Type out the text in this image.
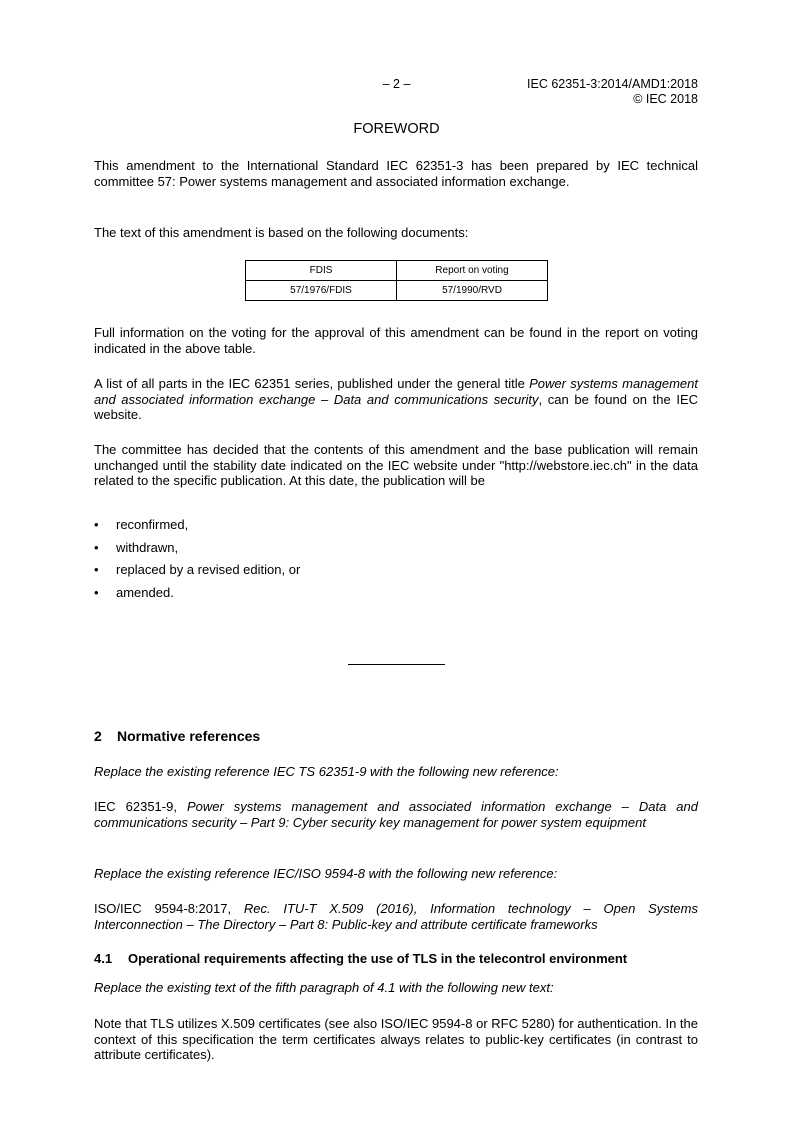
– 2 –	IEC 62351-3:2014/AMD1:2018
© IEC 2018
FOREWORD
This amendment to the International Standard IEC 62351-3 has been prepared by IEC technical committee 57: Power systems management and associated information exchange.
The text of this amendment is based on the following documents:
FDIS	Report on voting
57/1976/FDIS	57/1990/RVD
Full information on the voting for the approval of this amendment can be found in the report on voting indicated in the above table.
A list of all parts in the IEC 62351 series, published under the general title Power systems management and associated information exchange – Data and communications security, can be found on the IEC website.
The committee has decided that the contents of this amendment and the base publication will remain unchanged until the stability date indicated on the IEC website under "http://webstore.iec.ch" in the data related to the specific publication. At this date, the publication will be
• reconfirmed,
• withdrawn,
• replaced by a revised edition, or
• amended.
2 Normative references
Replace the existing reference IEC TS 62351-9 with the following new reference:
IEC 62351-9, Power systems management and associated information exchange – Data and communications security – Part 9: Cyber security key management for power system equipment
Replace the existing reference IEC/ISO 9594-8 with the following new reference:
ISO/IEC 9594-8:2017, Rec. ITU-T X.509 (2016), Information technology – Open Systems Interconnection – The Directory – Part 8: Public-key and attribute certificate frameworks
4.1 Operational requirements affecting the use of TLS in the telecontrol environment
Replace the existing text of the fifth paragraph of 4.1 with the following new text:
Note that TLS utilizes X.509 certificates (see also ISO/IEC 9594-8 or RFC 5280) for authentication. In the context of this specification the term certificates always relates to public-key certificates (in contrast to attribute certificates).
